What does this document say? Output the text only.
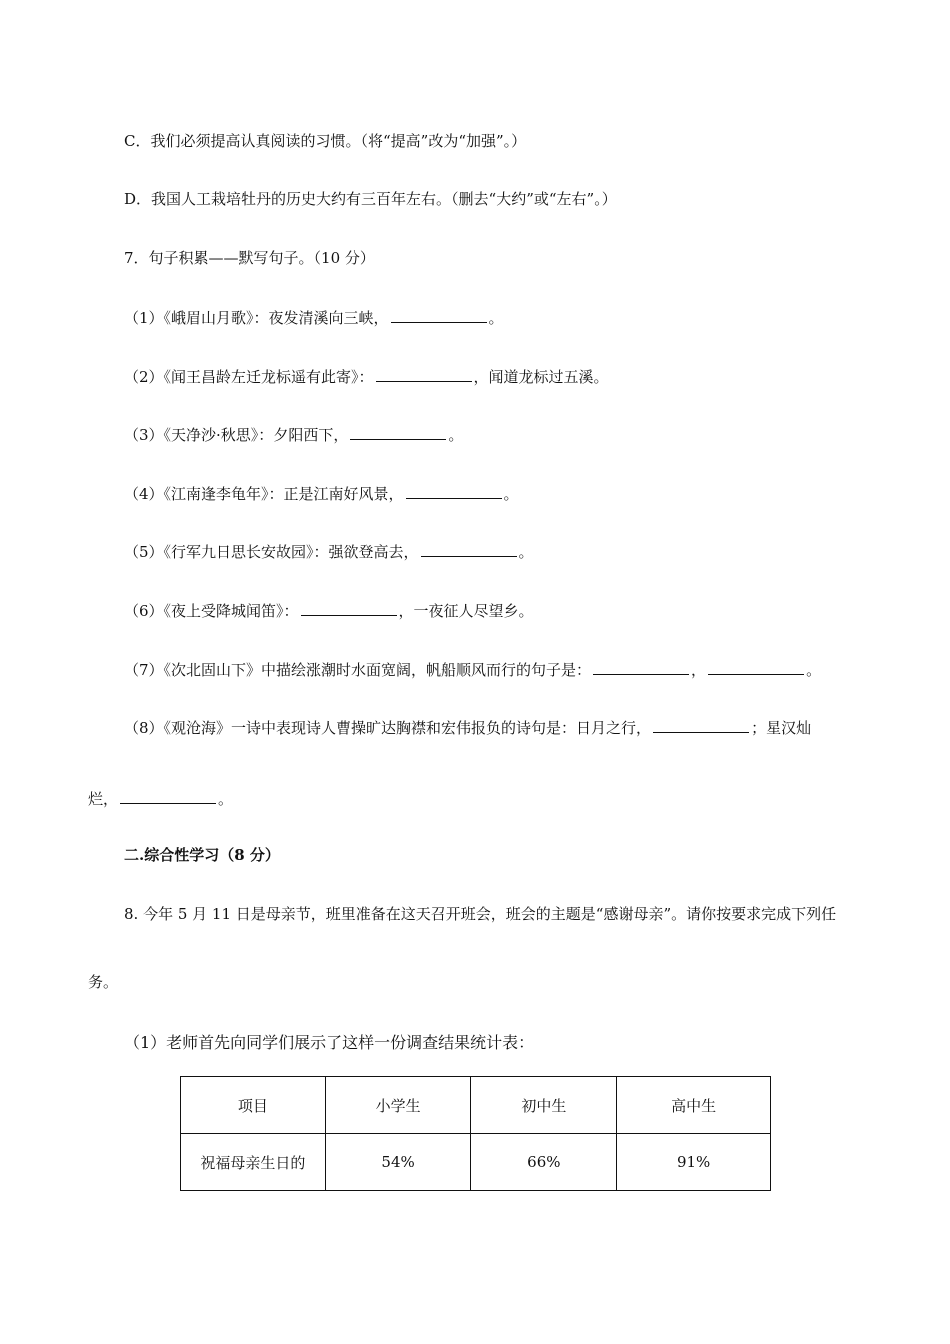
C．我们必须提高认真阅读的习惯。（将“提高”改为“加强”。）
D．我国人工栽培牡丹的历史大约有三百年左右。（删去“大约”或“左右”。）
7．句子积累——默写句子。（10 分）
（1）《峨眉山月歌》：夜发清溪向三峡，	。
（2）《闻王昌龄左迁龙标遥有此寄》：	，闻道龙标过五溪。
（3）《天净沙·秋思》：夕阳西下，	。
（4）《江南逢李龟年》：正是江南好风景，	。
（5）《行军九日思长安故园》：强欲登高去，	。
（6）《夜上受降城闻笛》：	，一夜征人尽望乡。
（7）《次北固山下》中描绘涨潮时水面宽阔，帆船顺风而行的句子是：	，	。
（8）《观沧海》一诗中表现诗人曹操旷达胸襟和宏伟报负的诗句是：日月之行，	；星汉灿
烂，	。
二.综合性学习（8 分）
8. 今年 5 月 11 日是母亲节，班里准备在这天召开班会，班会的主题是“感谢母亲”。请你按要求完成下列任
务。
（1）老师首先向同学们展示了这样一份调查结果统计表：
项目	小学生	初中生	高中生
祝福母亲生日的	54%	66%	91%
